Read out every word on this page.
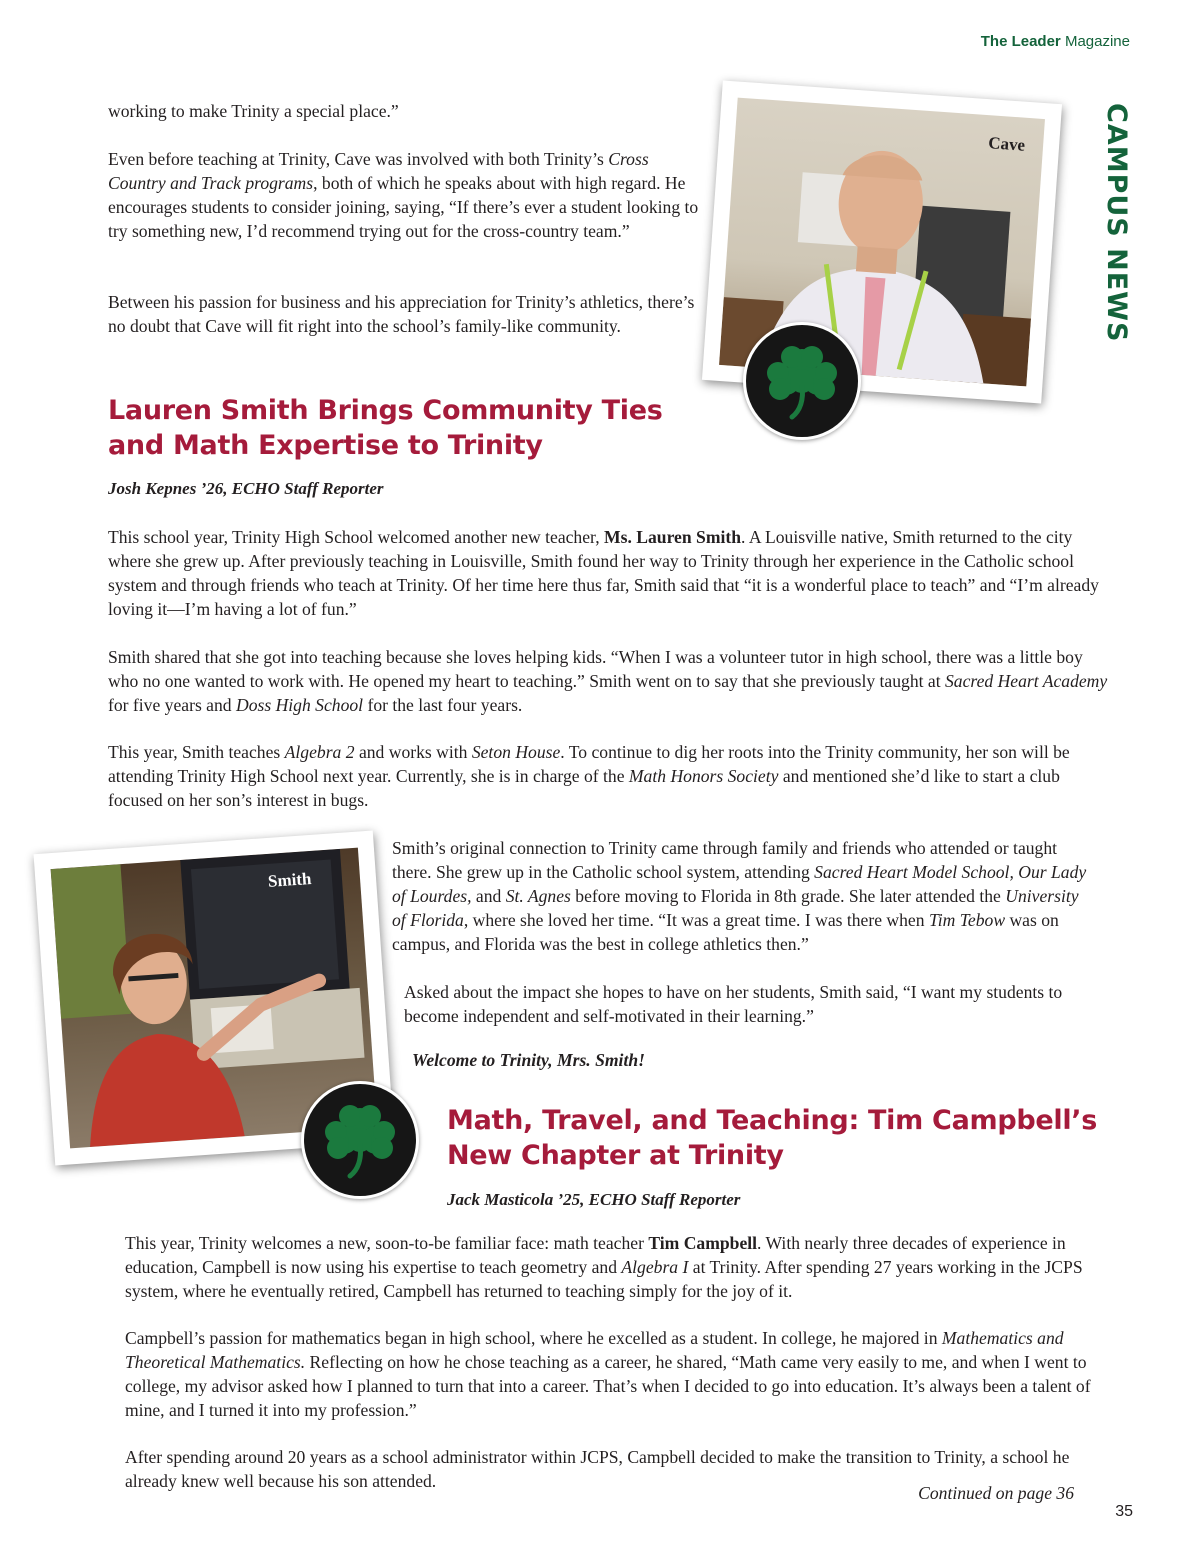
The Leader Magazine
CAMPUS NEWS

working to make Trinity a special place.”

Even before teaching at Trinity, Cave was involved with both Trinity’s Cross Country and Track programs, both of which he speaks about with high regard. He encourages students to consider joining, saying, “If there’s ever a student looking to try something new, I’d recommend trying out for the cross-country team.”

Between his passion for business and his appreciation for Trinity’s athletics, there’s no doubt that Cave will fit right into the school’s family-like community.

Cave
Lauren Smith Brings Community Ties
and Math Expertise to Trinity

Josh Kepnes ’26, ECHO Staff Reporter

This school year, Trinity High School welcomed another new teacher, Ms. Lauren Smith. A Louisville native, Smith returned to the city where she grew up. After previously teaching in Louisville, Smith found her way to Trinity through her experience in the Catholic school system and through friends who teach at Trinity. Of her time here thus far, Smith said that “it is a wonderful place to teach” and “I’m already loving it—I’m having a lot of fun.”

Smith shared that she got into teaching because she loves helping kids. “When I was a volunteer tutor in high school, there was a little boy who no one wanted to work with. He opened my heart to teaching.” Smith went on to say that she previously taught at Sacred Heart Academy for five years and Doss High School for the last four years.

This year, Smith teaches Algebra 2 and works with Seton House. To continue to dig her roots into the Trinity community, her son will be attending Trinity High School next year. Currently, she is in charge of the Math Honors Society and mentioned she’d like to start a club focused on her son’s interest in bugs.

Smith’s original connection to Trinity came through family and friends who attended or taught there. She grew up in the Catholic school system, attending Sacred Heart Model School, Our Lady of Lourdes, and St. Agnes before moving to Florida in 8th grade. She later attended the University of Florida, where she loved her time. “It was a great time. I was there when Tim Tebow was on campus, and Florida was the best in college athletics then.”

Asked about the impact she hopes to have on her students, Smith said, “I want my students to become independent and self-motivated in their learning.”

Welcome to Trinity, Mrs. Smith!

Smith
Math, Travel, and Teaching: Tim Campbell’s
New Chapter at Trinity

Jack Masticola ’25, ECHO Staff Reporter

This year, Trinity welcomes a new, soon-to-be familiar face: math teacher Tim Campbell. With nearly three decades of experience in education, Campbell is now using his expertise to teach geometry and Algebra I at Trinity. After spending 27 years working in the JCPS system, where he eventually retired, Campbell has returned to teaching simply for the joy of it.

Campbell’s passion for mathematics began in high school, where he excelled as a student. In college, he majored in Mathematics and Theoretical Mathematics. Reflecting on how he chose teaching as a career, he shared, “Math came very easily to me, and when I went to college, my advisor asked how I planned to turn that into a career. That’s when I decided to go into education. It’s always been a talent of mine, and I turned it into my profession.”

After spending around 20 years as a school administrator within JCPS, Campbell decided to make the transition to Trinity, a school he already knew well because his son attended.

Continued on page 36
35
